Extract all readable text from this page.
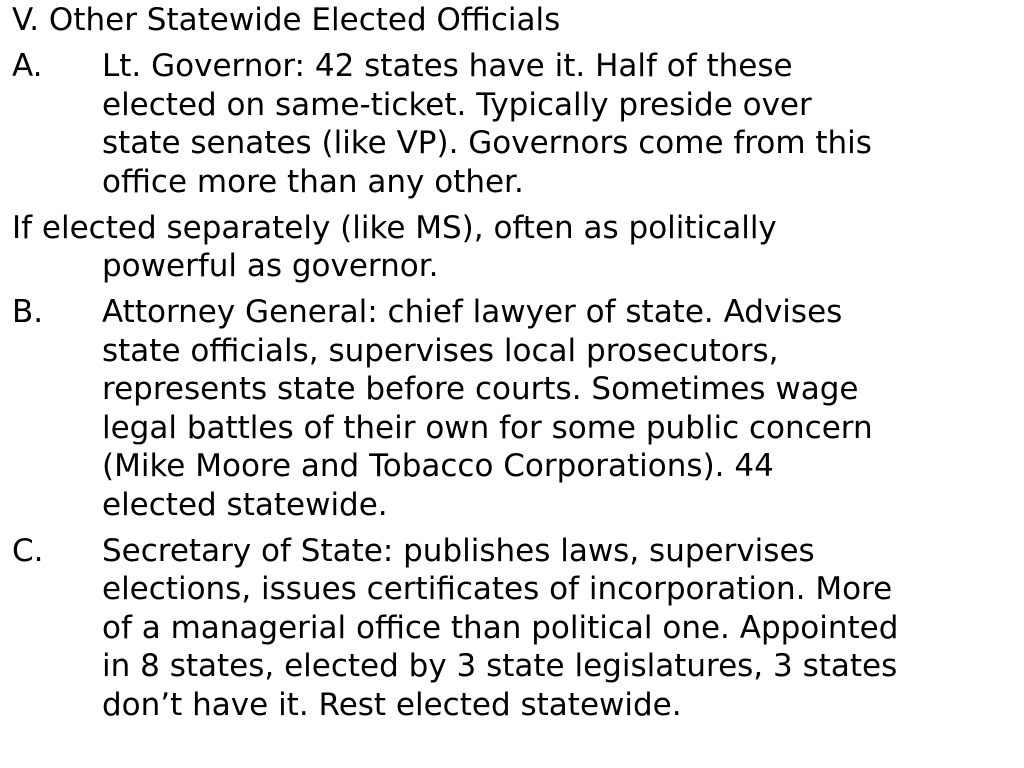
V. Other Statewide Elected Officials
A.	Lt. Governor: 42 states have it. Half of these
elected on same-ticket. Typically preside over
state senates (like VP). Governors come from this
office more than any other.
If elected separately (like MS), often as politically
powerful as governor.
B.	Attorney General: chief lawyer of state. Advises
state officials, supervises local prosecutors,
represents state before courts. Sometimes wage
legal battles of their own for some public concern
(Mike Moore and Tobacco Corporations). 44
elected statewide.
C.	Secretary of State: publishes laws, supervises
elections, issues certificates of incorporation. More
of a managerial office than political one. Appointed
in 8 states, elected by 3 state legislatures, 3 states
don’t have it. Rest elected statewide.
